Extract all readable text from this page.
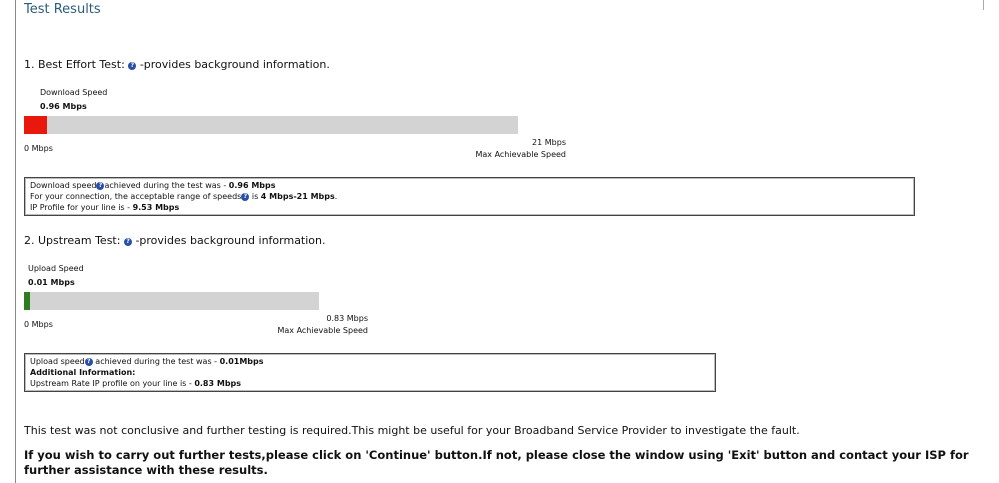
Test Results
1. Best Effort Test: ? -provides background information.
Download Speed
0.96 Mbps
0 Mbps
21 Mbps
Max Achievable Speed
Download speed ? achieved during the test was - 0.96 Mbps
For your connection, the acceptable range of speeds ? is 4 Mbps-21 Mbps.
IP Profile for your line is - 9.53 Mbps
2. Upstream Test: ? -provides background information.
Upload Speed
0.01 Mbps
0 Mbps
0.83 Mbps
Max Achievable Speed
Upload speed ? achieved during the test was - 0.01Mbps
Additional Information:
Upstream Rate IP profile on your line is - 0.83 Mbps
This test was not conclusive and further testing is required.This might be useful for your Broadband Service Provider to investigate the fault.
If you wish to carry out further tests,please click on 'Continue' button.If not, please close the window using 'Exit' button and contact your ISP for further assistance with these results.
